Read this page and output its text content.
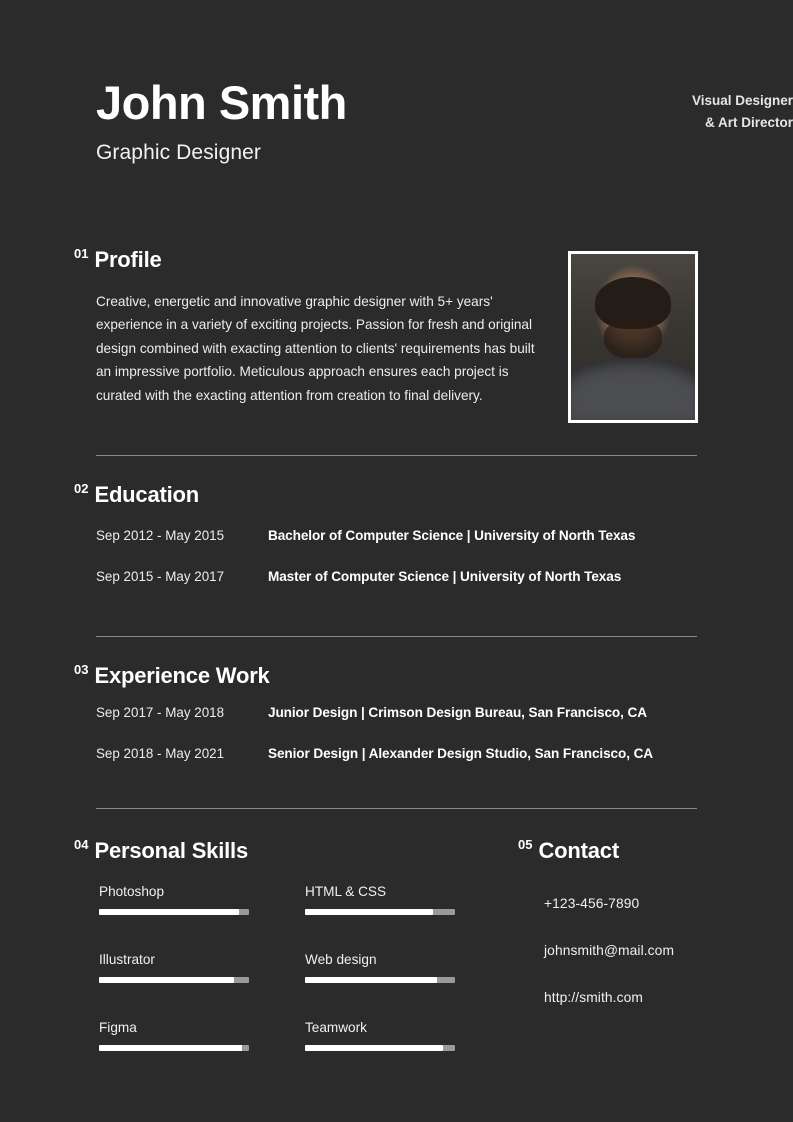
John Smith
Graphic Designer
Visual Designer
& Art Director
01 Profile
Creative, energetic and innovative graphic designer with 5+ years' experience in a variety of exciting projects. Passion for fresh and original design combined with exacting attention to clients' requirements has built an impressive portfolio. Meticulous approach ensures each project is curated with the exacting attention from creation to final delivery.
02 Education
Sep 2012 - May 2015	Bachelor of Computer Science | University of North Texas
Sep 2015 - May 2017	Master of Computer Science | University of North Texas
03 Experience Work
Sep 2017 - May 2018	Junior Design | Crimson Design Bureau, San Francisco, CA
Sep 2018 - May 2021	Senior Design | Alexander Design Studio, San Francisco, CA
04 Personal Skills
Photoshop
Illustrator
Figma
HTML & CSS
Web design
Teamwork
05 Contact
+123-456-7890
johnsmith@mail.com
http://smith.com
